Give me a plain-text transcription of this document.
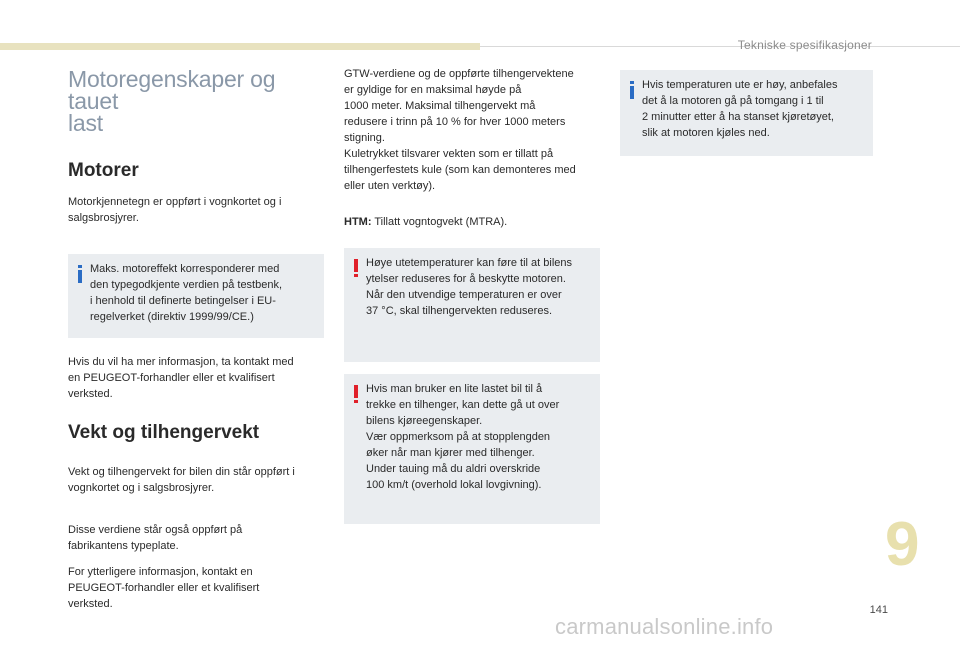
Tekniske spesifikasjoner
Motoregenskaper og tauet
last
Motorer

Motorkjennetegn er oppført i vognkortet og i
salgsbrosjyrer.

Maks. motoreffekt korresponderer med
den typegodkjente verdien på testbenk,
i henhold til definerte betingelser i EU-
regelverket (direktiv 1999/99/CE.)

Hvis du vil ha mer informasjon, ta kontakt med
en PEUGEOT-forhandler eller et kvalifisert
verksted.

Vekt og tilhengervekt

Vekt og tilhengervekt for bilen din står oppført i
vognkortet og i salgsbrosjyrer.

Disse verdiene står også oppført på
fabrikantens typeplate.

For ytterligere informasjon, kontakt en
PEUGEOT-forhandler eller et kvalifisert
verksted.

GTW-verdiene og de oppførte tilhengervektene
er gyldige for en maksimal høyde på
1000 meter. Maksimal tilhengervekt må
redusere i trinn på 10 % for hver 1000 meters
stigning.
Kuletrykket tilsvarer vekten som er tillatt på
tilhengerfestets kule (som kan demonteres med
eller uten verktøy).

HTM: Tillatt vogntogvekt (MTRA).

Høye utetemperaturer kan føre til at bilens
ytelser reduseres for å beskytte motoren.
Når den utvendige temperaturen er over
37 °C, skal tilhengervekten reduseres.
Hvis man bruker en lite lastet bil til å
trekke en tilhenger, kan dette gå ut over
bilens kjøreegenskaper.
Vær oppmerksom på at stopplengden
øker når man kjører med tilhenger.
Under tauing må du aldri overskride
100 km/t (overhold lokal lovgivning).
Hvis temperaturen ute er høy, anbefales
det å la motoren gå på tomgang i 1 til
2 minutter etter å ha stanset kjøretøyet,
slik at motoren kjøles ned.
9
141
carmanualsonline.info
